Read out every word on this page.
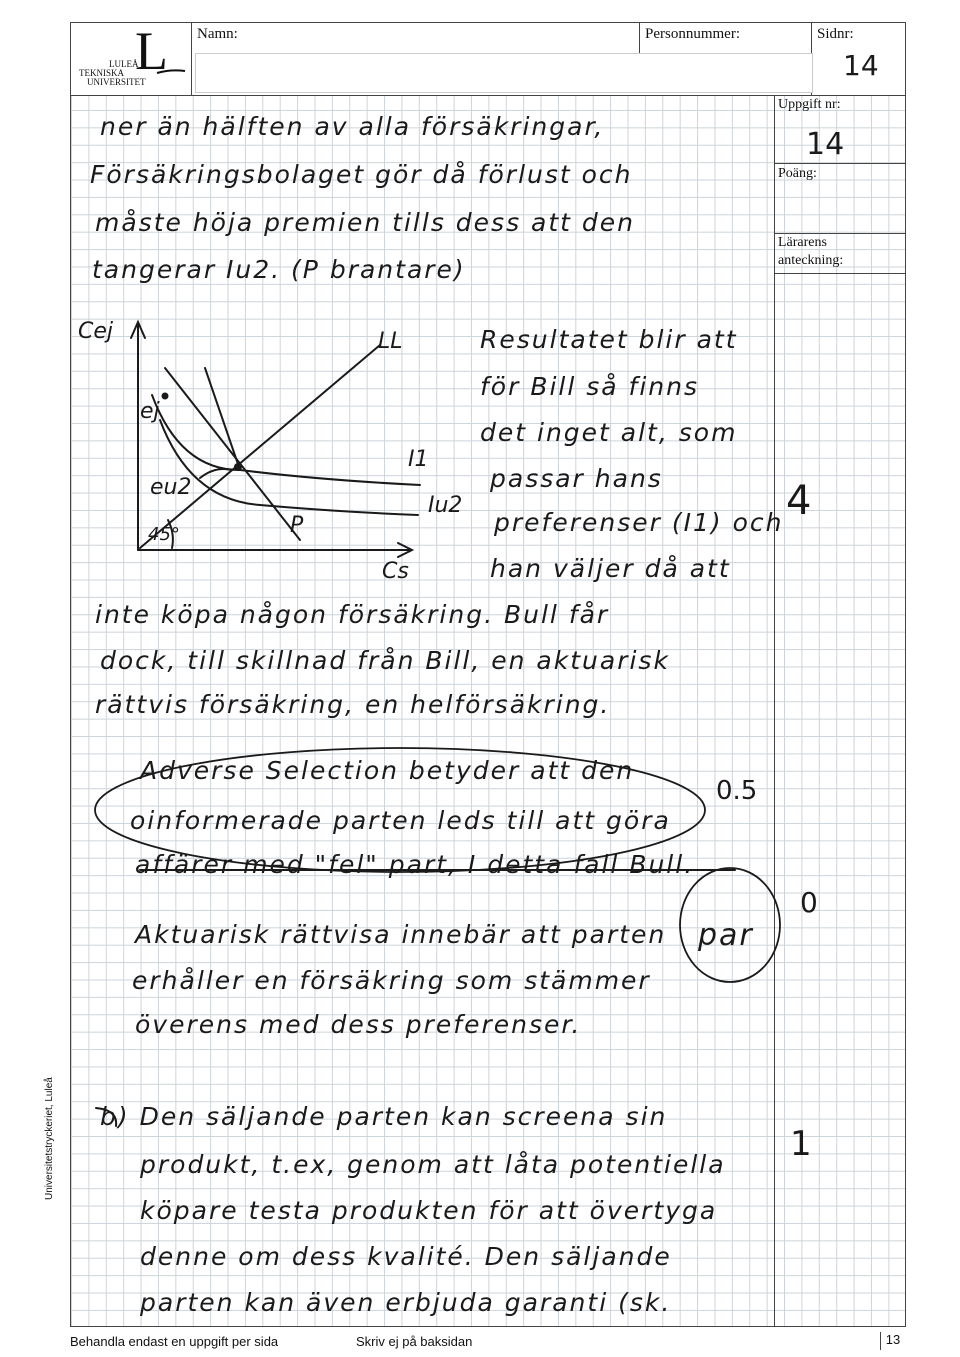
L
LULEÅ
TEKNISKA
UNIVERSITET
Namn:	Personnummer:	Sidnr:
14
Uppgift nr:
14
Poäng:
Lärarens
anteckning:
ner än hälften av alla försäkringar,
Försäkringsbolaget gör då förlust och
måste höja premien tills dess att den
tangerar Iu2. (P brantare)
Resultatet blir att
för Bill så finns
det inget alt, som
passar hans
preferenser (I1) och
han väljer då att
inte köpa någon försäkring. Bull får
dock, till skillnad från Bill, en aktuarisk
rättvis försäkring, en helförsäkring.
Adverse Selection betyder att den
oinformerade parten leds till att göra
affärer med "fel" part, I detta fall Bull.
Aktuarisk rättvisa innebär att parten
erhåller en försäkring som stämmer
överens med dess preferenser.
par
b) Den säljande parten kan screena sin
produkt, t.ex, genom att låta potentiella
köpare testa produkten för att övertyga
denne om dess kvalité. Den säljande
parten kan även erbjuda garanti (sk.
4
0.5
0
1
Cej
Cs
LL
ej
eu2
I1
Iu2
P
45°
Universitetstryckeriet, Luleå
Behandla endast en uppgift per sida	Skriv ej på baksidan	13
